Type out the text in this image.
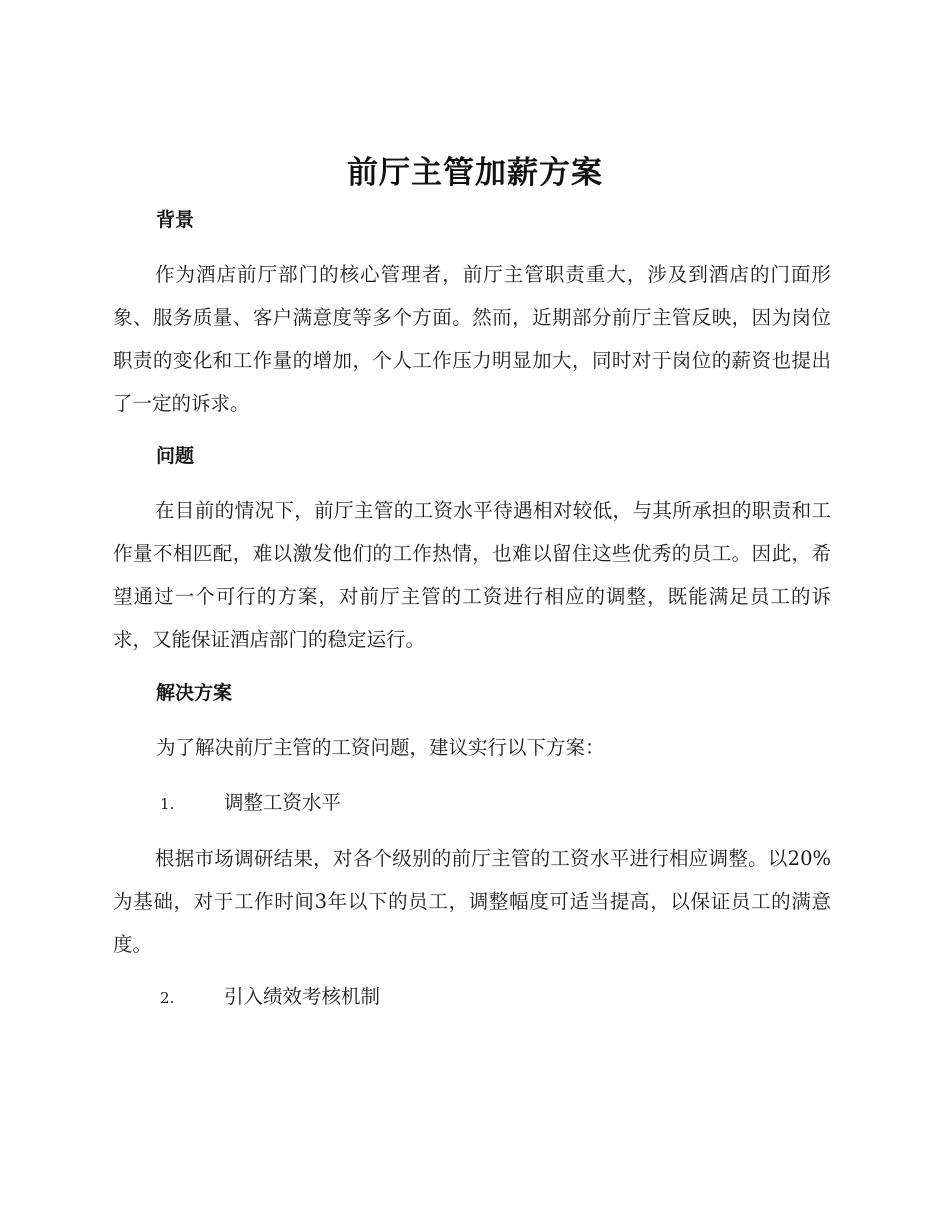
前厅主管加薪方案
背景
作为酒店前厅部门的核心管理者，前厅主管职责重大，涉及到酒店的门面形象、服务质量、客户满意度等多个方面。然而，近期部分前厅主管反映，因为岗位职责的变化和工作量的增加，个人工作压力明显加大，同时对于岗位的薪资也提出了一定的诉求。
问题
在目前的情况下，前厅主管的工资水平待遇相对较低，与其所承担的职责和工作量不相匹配，难以激发他们的工作热情，也难以留住这些优秀的员工。因此，希望通过一个可行的方案，对前厅主管的工资进行相应的调整，既能满足员工的诉求，又能保证酒店部门的稳定运行。
解决方案
为了解决前厅主管的工资问题，建议实行以下方案：
1.	调整工资水平
根据市场调研结果，对各个级别的前厅主管的工资水平进行相应调整。以20%为基础，对于工作时间3年以下的员工，调整幅度可适当提高，以保证员工的满意度。
2.	引入绩效考核机制
